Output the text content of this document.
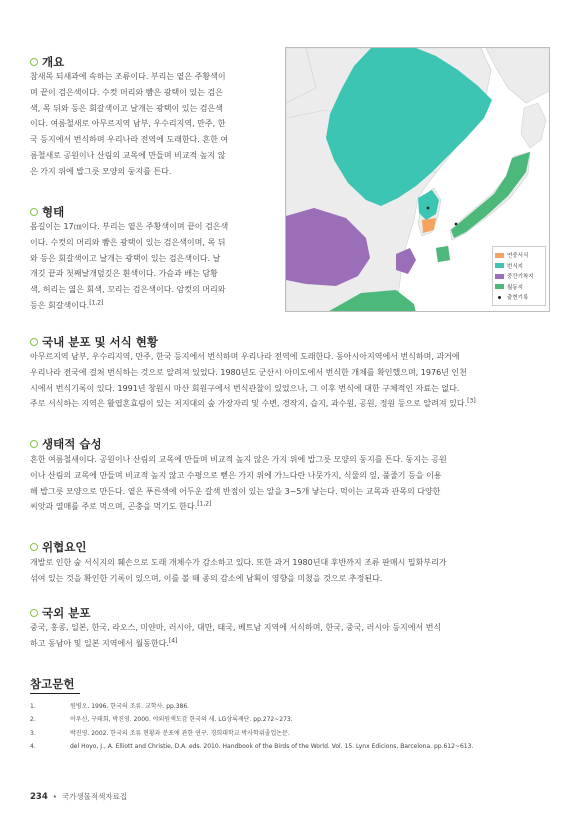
개요

참새목 되새과에 속하는 조류이다. 부리는 옅은 주황색이
며 끝이 검은색이다. 수컷 머리와 뺨은 광택이 있는 검은
색, 목 뒤와 등은 회갈색이고 날개는 광택이 있는 검은색
이다. 여름철새로 아무르지역 남부, 우수리지역, 만주, 한
국 등지에서 번식하며 우리나라 전역에 도래한다. 흔한 여
름철새로 공원이나 산림의 교목에 만들며 비교적 높지 않
은 가지 위에 밥그릇 모양의 둥지를 튼다.

형태

몸길이는 17㎝이다. 부리는 옅은 주황색이며 끝이 검은색
이다. 수컷의 머리와 뺨은 광택이 있는 검은색이며, 목 뒤
와 등은 회갈색이고 날개는 광택이 있는 검은색이다. 날
개깃 끝과 첫째날개덮깃은 흰색이다. 가슴과 배는 담황
색, 허리는 엷은 회색, 꼬리는 검은색이다. 암컷의 머리와
등은 회갈색이다.[1,2]

연중서식
번식지
중간기착지
월동지
출현기록
국내 분포 및 서식 현황

아무르지역 남부, 우수리지역, 만주, 한국 등지에서 번식하며 우리나라 전역에 도래한다. 동아시아지역에서 번식하며, 과거에
우리나라 전국에 걸쳐 번식하는 것으로 알려져 있었다. 1980년도 군산시 아미도에서 번식한 개체를 확인했으며, 1976년 인천
시에서 번식기록이 있다. 1991년 창원시 마산 회원구에서 번식관찰이 있었으나, 그 이후 번식에 대한 구체적인 자료는 없다.
주로 서식하는 지역은 활엽혼효림이 있는 저지대의 숲 가장자리 및 수변, 경작지, 습지, 과수원, 공원, 정원 등으로 알려져 있다.[3]

생태적 습성

흔한 여름철새이다. 공원이나 산림의 교목에 만들며 비교적 높지 않은 가지 위에 밥그릇 모양의 둥지를 튼다. 둥지는 공원
이나 산림의 교목에 만들며 비교적 높지 않고 수평으로 뻗은 가지 위에 가느다란 나뭇가지, 식물의 잎, 풀줄기 등을 이용
해 밥그릇 모양으로 만든다. 옅은 푸른색에 어두운 갈색 반점이 있는 알을 3~5개 낳는다. 먹이는 교목과 관목의 다양한
씨앗과 열매를 주로 먹으며, 곤충을 먹기도 한다.[1,2]

위협요인

개발로 인한 숲 서식지의 훼손으로 도래 개체수가 감소하고 있다. 또한 과거 1980년대 후반까지 조류 판매시 밀화부리가
섞여 있는 것을 확인한 기록이 있으며, 이를 볼 때 종의 감소에 남획이 영향을 미쳤을 것으로 추정된다.

국외 분포

중국, 홍콩, 일본, 한국, 라오스, 미얀마, 러시아, 대만, 태국, 베트남 지역에 서식하며, 한국, 중국, 러시아 등지에서 번식
하고 동남아 및 일본 지역에서 월동한다.[4]

참고문헌
1.	원병오. 1996. 한국의 조류. 교학사. pp.386.
2.	이우신, 구태회, 박진영. 2000. 야외원색도감 한국의 새. LG상록재단. pp.272~273.
3.	박진영. 2002. 한국의 조류 현황과 분포에 관한 연구. 경희대학교 박사학위졸업논문.
4.	del Hoyo, J., A. Elliott and Christie, D.A. eds. 2010. Handbook of the Birds of the World. Vol. 15. Lynx Edicions, Barcelona. pp.612~613.
234 • 국가생물적색자료집
